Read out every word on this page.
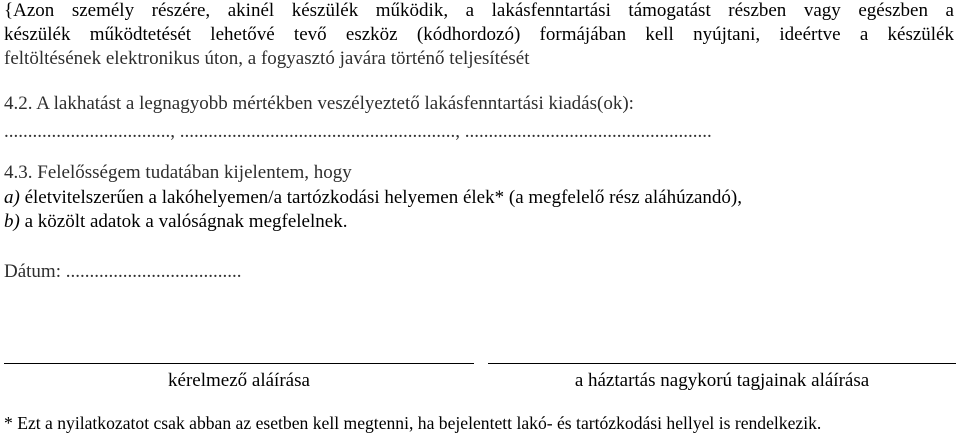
{Azon személy részére, akinél készülék működik, a lakásfenntartási támogatást részben vagy egészben a
készülék működtetését lehetővé tevő eszköz (kódhordozó) formájában kell nyújtani, ideértve a készülék
feltöltésének elektronikus úton, a fogyasztó javára történő teljesítését
4.2. A lakhatást a legnagyobb mértékben veszélyeztető lakásfenntartási kiadás(ok):
..................................., .........................................................., ....................................................
4.3. Felelősségem tudatában kijelentem, hogy
a) életvitelszerűen a lakóhelyemen/a tartózkodási helyemen élek* (a megfelelő rész aláhúzandó),
b) a közölt adatok a valóságnak megfelelnek.
Dátum: .....................................
kérelmező aláírása	a háztartás nagykorú tagjainak aláírása
* Ezt a nyilatkozatot csak abban az esetben kell megtenni, ha bejelentett lakó- és tartózkodási hellyel is rendelkezik.
